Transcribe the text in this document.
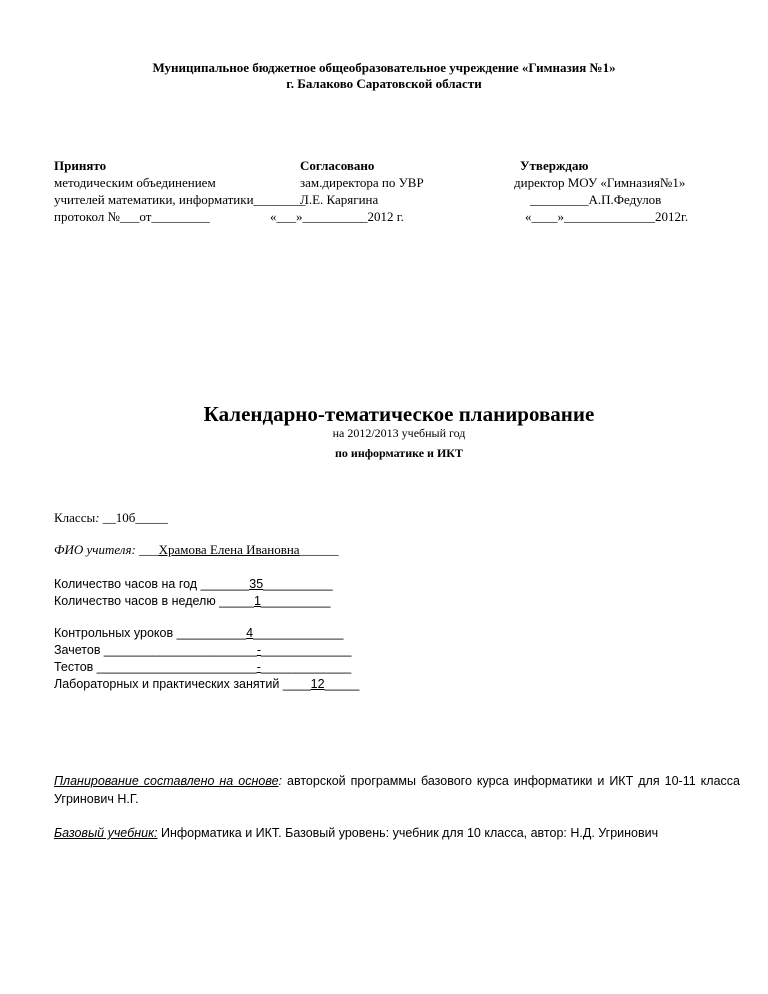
Муниципальное бюджетное общеобразовательное учреждение «Гимназия №1»
г. Балаково Саратовской области
Принято
методическим объединением
учителей математики, информатики________
протокол №___от_________
Согласовано
зам.директора по УВР
Л.Е. Карягина
«___»__________2012 г.
Утверждаю
директор МОУ «Гимназия№1»
_________А.П.Федулов
«____»______________2012г.
Календарно-тематическое планирование
на 2012/2013 учебный год
по информатике и ИКТ
Классы: __10б_____
ФИО учителя: ___Храмова Елена Ивановна______
Количество часов на год _______35__________
Количество часов в неделю _____1__________
Контрольных уроков __________4_____________
Зачетов ______________________-_____________
Тестов _______________________-_____________
Лабораторных и практических занятий ____12_____
Планирование составлено на основе: авторской программы базового курса информатики и ИКТ для 10-11 класса Угринович Н.Г.
Базовый учебник: Информатика и ИКТ. Базовый уровень: учебник для 10 класса, автор: Н.Д. Угринович
